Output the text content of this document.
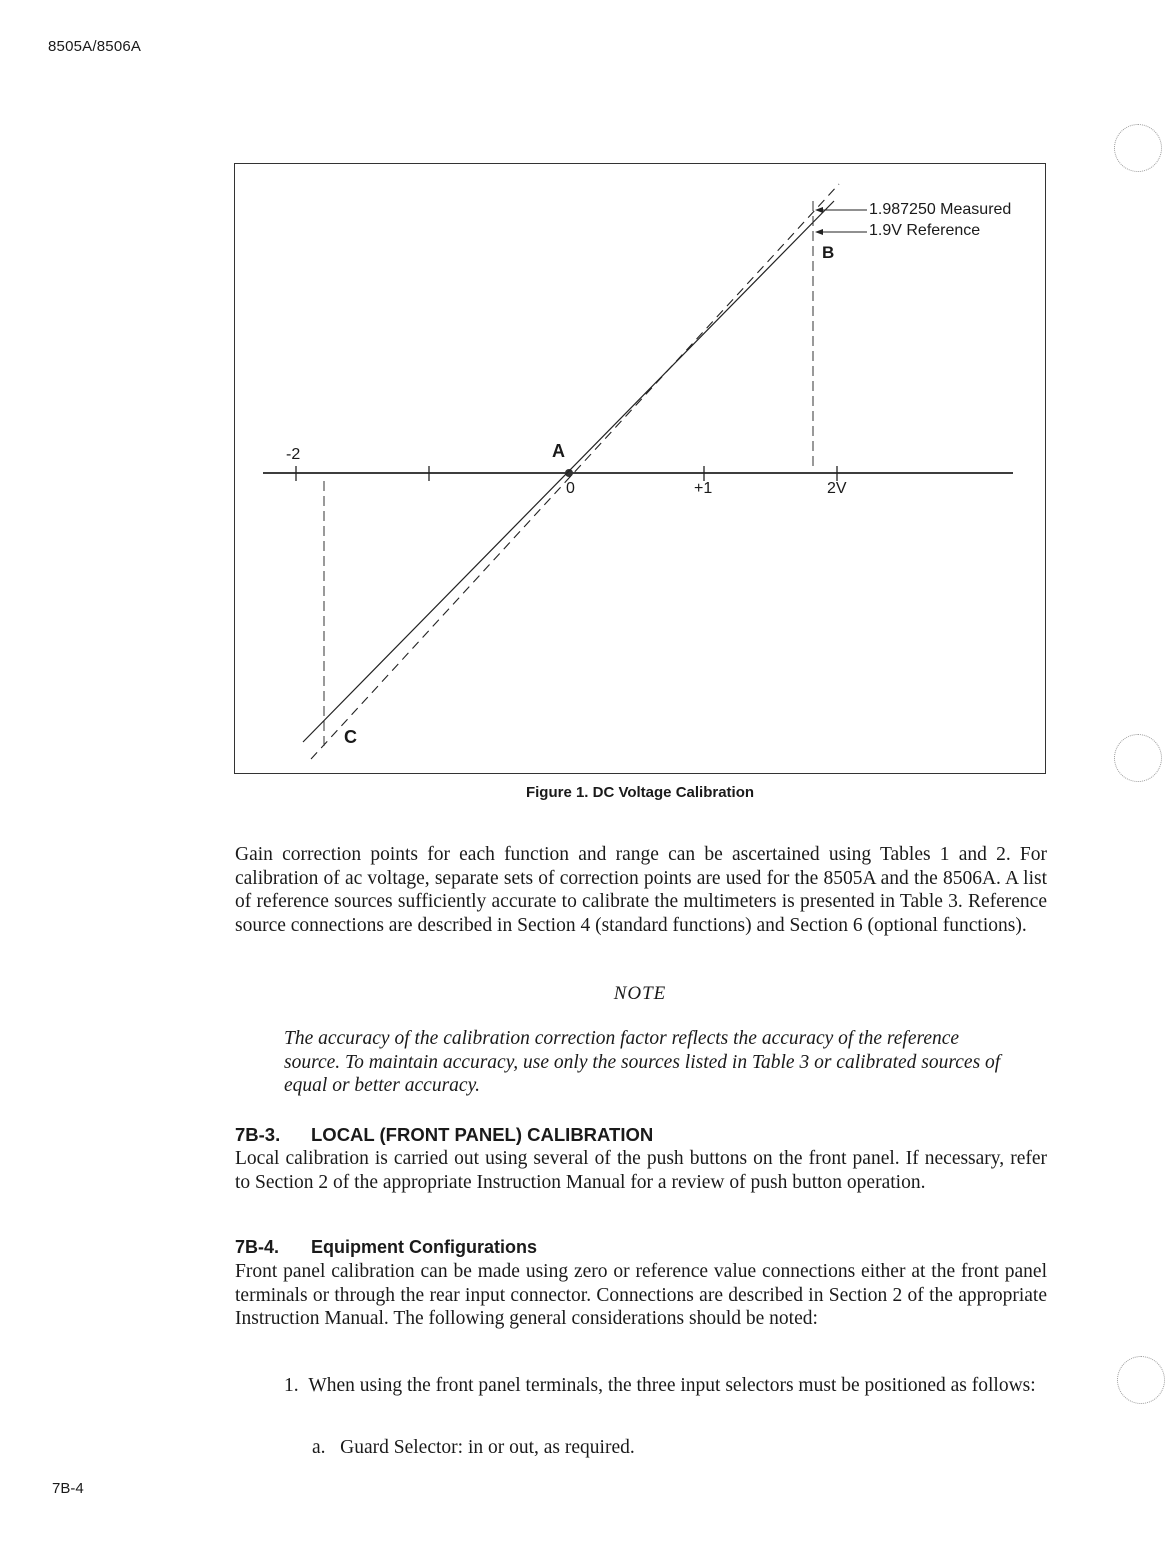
8505A/8506A
-2
0	+1	2V
A
B
C
1.987250 Measured
1.9V Reference
Figure 1. DC Voltage Calibration
Gain correction points for each function and range can be ascertained using Tables 1 and 2. For calibration of ac voltage, separate sets of correction points are used for the 8505A and the 8506A. A list of reference sources sufficiently accurate to calibrate the multimeters is presented in Table 3. Reference source connections are described in Section 4 (standard functions) and Section 6 (optional functions).
NOTE
The accuracy of the calibration correction factor reflects the accuracy of the reference source. To maintain accuracy, use only the sources listed in Table 3 or calibrated sources of equal or better accuracy.
7B-3. LOCAL (FRONT PANEL) CALIBRATION
Local calibration is carried out using several of the push buttons on the front panel. If necessary, refer to Section 2 of the appropriate Instruction Manual for a review of push button operation.
7B-4. Equipment Configurations
Front panel calibration can be made using zero or reference value connections either at the front panel terminals or through the rear input connector. Connections are described in Section 2 of the appropriate Instruction Manual. The following general considerations should be noted:
1. When using the front panel terminals, the three input selectors must be positioned as follows:
a. Guard Selector: in or out, as required.
7B-4
